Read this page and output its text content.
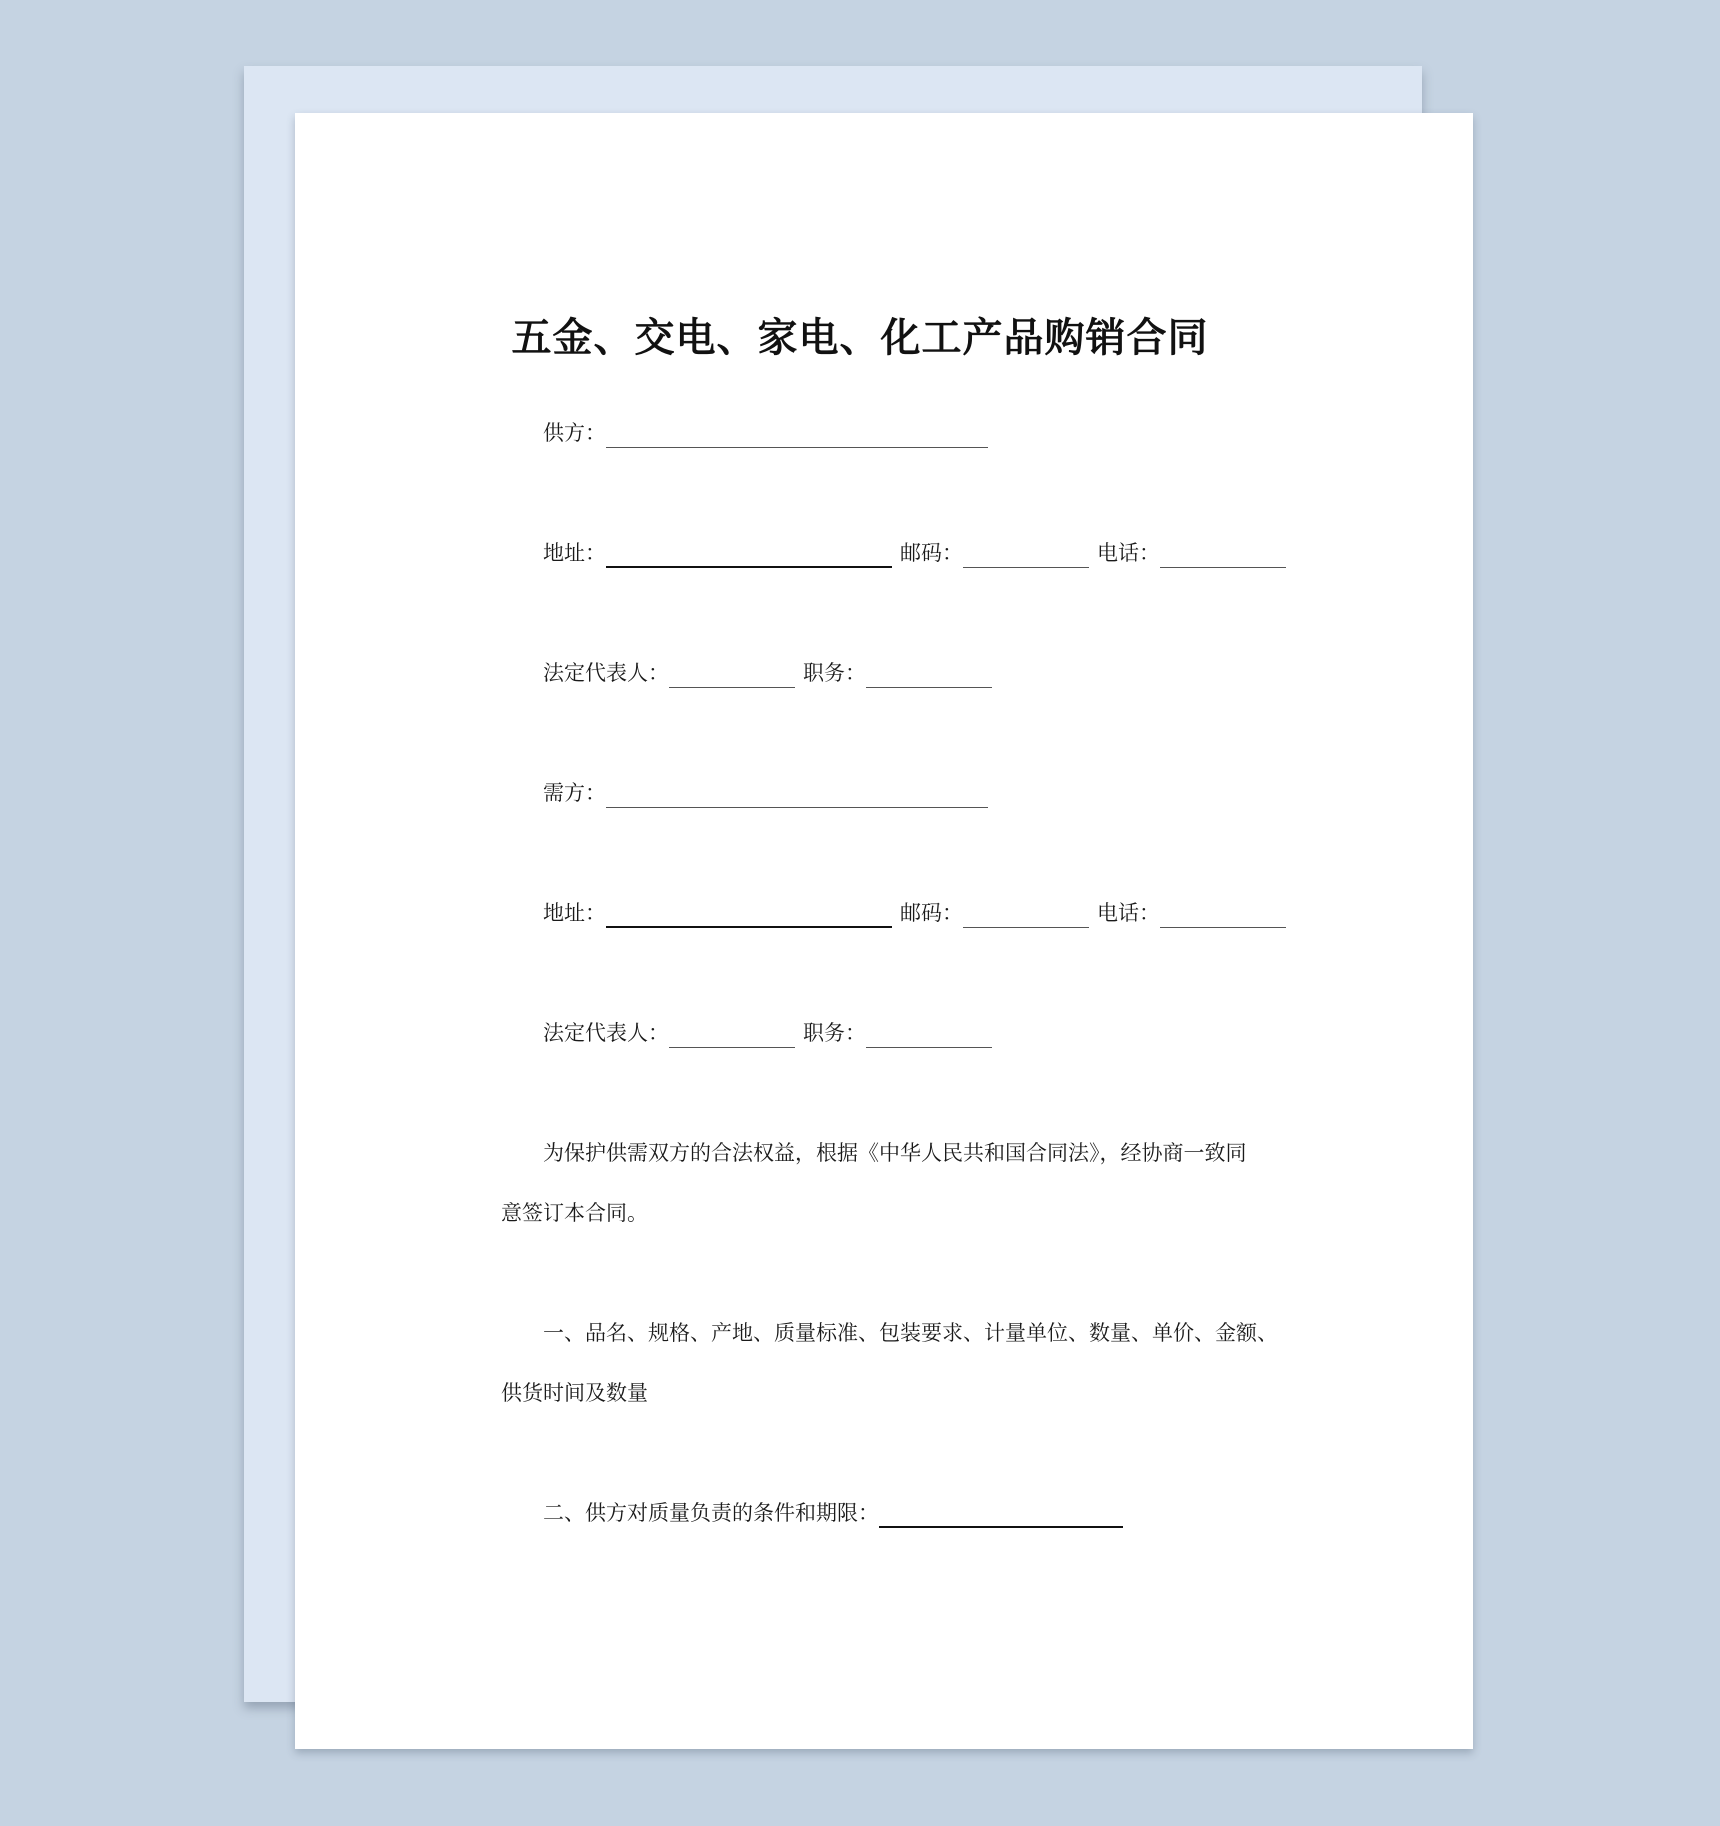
五金、交电、家电、化工产品购销合同
供方：
地址：	邮码：	电话：
法定代表人：	职务：
需方：
地址：	邮码：	电话：
法定代表人：	职务：
为保护供需双方的合法权益，根据《中华人民共和国合同法》，经协商一致同
意签订本合同。
一、品名、规格、产地、质量标准、包装要求、计量单位、数量、单价、金额、
供货时间及数量
二、供方对质量负责的条件和期限：
